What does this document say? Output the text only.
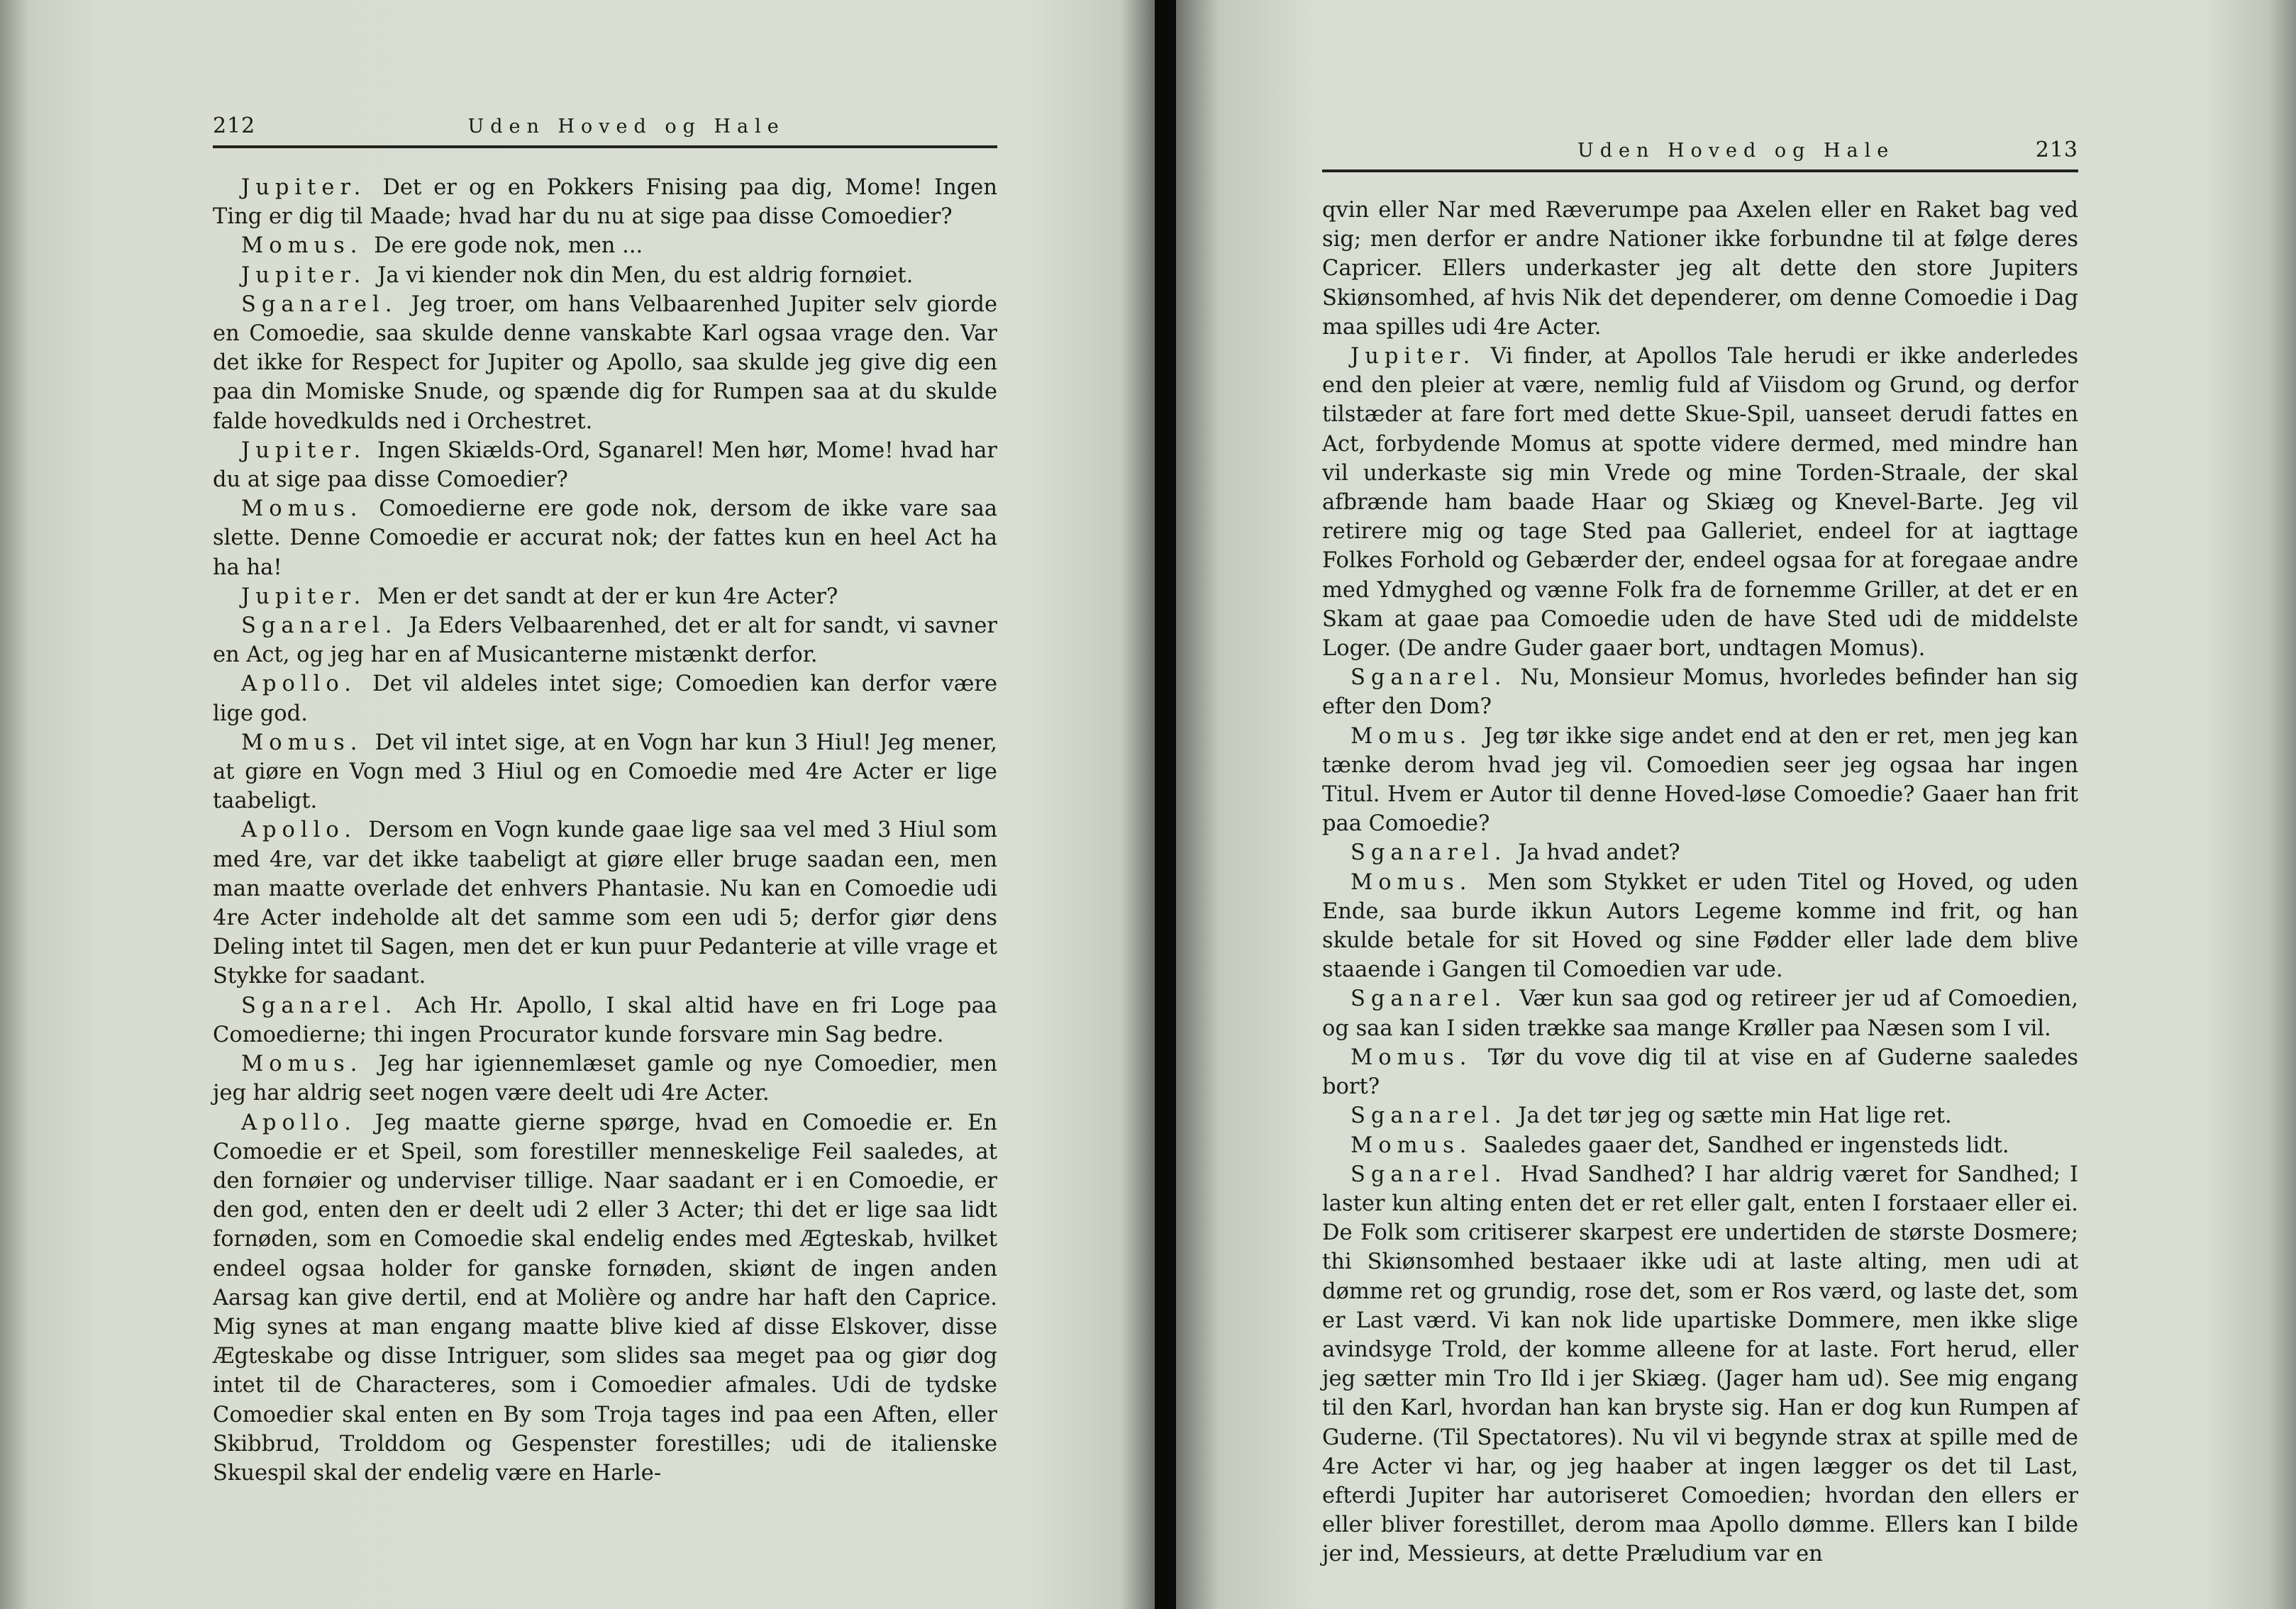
212	Uden Hoved og Hale

Jupiter. Det er og en Pokkers Fnising paa dig, Mome! Ingen Ting er dig til Maade; hvad har du nu at sige paa disse Comoedier?

Momus. De ere gode nok, men ...

Jupiter. Ja vi kiender nok din Men, du est aldrig fornøiet.

Sganarel. Jeg troer, om hans Velbaarenhed Jupiter selv giorde en Comoedie, saa skulde denne vanskabte Karl ogsaa vrage den. Var det ikke for Respect for Jupiter og Apollo, saa skulde jeg give dig een paa din Momiske Snude, og spænde dig for Rumpen saa at du skulde falde hovedkulds ned i Orchestret.

Jupiter. Ingen Skiælds-Ord, Sganarel! Men hør, Mome! hvad har du at sige paa disse Comoedier?

Momus. Comoedierne ere gode nok, dersom de ikke vare saa slette. Denne Comoedie er accurat nok; der fattes kun en heel Act ha ha ha!

Jupiter. Men er det sandt at der er kun 4re Acter?

Sganarel. Ja Eders Velbaarenhed, det er alt for sandt, vi savner en Act, og jeg har en af Musicanterne mistænkt derfor.

Apollo. Det vil aldeles intet sige; Comoedien kan derfor være lige god.

Momus. Det vil intet sige, at en Vogn har kun 3 Hiul! Jeg mener, at giøre en Vogn med 3 Hiul og en Comoedie med 4re Acter er lige taabeligt.

Apollo. Dersom en Vogn kunde gaae lige saa vel med 3 Hiul som med 4re, var det ikke taabeligt at giøre eller bruge saadan een, men man maatte overlade det enhvers Phantasie. Nu kan en Comoedie udi 4re Acter indeholde alt det samme som een udi 5; derfor giør dens Deling intet til Sagen, men det er kun puur Pedanterie at ville vrage et Stykke for saadant.

Sganarel. Ach Hr. Apollo, I skal altid have en fri Loge paa Comoedierne; thi ingen Procurator kunde forsvare min Sag bedre.

Momus. Jeg har igiennemlæset gamle og nye Comoedier, men jeg har aldrig seet nogen være deelt udi 4re Acter.

Apollo. Jeg maatte gierne spørge, hvad en Comoedie er. En Comoedie er et Speil, som forestiller menneskelige Feil saaledes, at den fornøier og underviser tillige. Naar saadant er i en Comoedie, er den god, enten den er deelt udi 2 eller 3 Acter; thi det er lige saa lidt fornøden, som en Comoedie skal endelig endes med Ægteskab, hvilket endeel ogsaa holder for ganske fornøden, skiønt de ingen anden Aarsag kan give dertil, end at Molière og andre har haft den Caprice. Mig synes at man engang maatte blive kied af disse Elskover, disse Ægteskabe og disse Intriguer, som slides saa meget paa og giør dog intet til de Characteres, som i Comoedier afmales. Udi de tydske Comoedier skal enten en By som Troja tages ind paa een Aften, eller Skibbrud, Trolddom og Gespenster forestilles; udi de italienske Skuespil skal der endelig være en Harle-

Uden Hoved og Hale	213

qvin eller Nar med Ræverumpe paa Axelen eller en Raket bag ved sig; men derfor er andre Nationer ikke forbundne til at følge deres Capricer. Ellers underkaster jeg alt dette den store Jupiters Skiønsomhed, af hvis Nik det dependerer, om denne Comoedie i Dag maa spilles udi 4re Acter.

Jupiter. Vi finder, at Apollos Tale herudi er ikke anderledes end den pleier at være, nemlig fuld af Viisdom og Grund, og derfor tilstæder at fare fort med dette Skue-Spil, uanseet derudi fattes en Act, forbydende Momus at spotte videre dermed, med mindre han vil underkaste sig min Vrede og mine Torden-Straale, der skal afbrænde ham baade Haar og Skiæg og Knevel-Barte. Jeg vil retirere mig og tage Sted paa Galleriet, endeel for at iagttage Folkes Forhold og Gebærder der, endeel ogsaa for at foregaae andre med Ydmyghed og vænne Folk fra de fornemme Griller, at det er en Skam at gaae paa Comoedie uden de have Sted udi de middelste Loger. (De andre Guder gaaer bort, undtagen Momus).

Sganarel. Nu, Monsieur Momus, hvorledes befinder han sig efter den Dom?

Momus. Jeg tør ikke sige andet end at den er ret, men jeg kan tænke derom hvad jeg vil. Comoedien seer jeg ogsaa har ingen Titul. Hvem er Autor til denne Hoved-løse Comoedie? Gaaer han frit paa Comoedie?

Sganarel. Ja hvad andet?

Momus. Men som Stykket er uden Titel og Hoved, og uden Ende, saa burde ikkun Autors Legeme komme ind frit, og han skulde betale for sit Hoved og sine Fødder eller lade dem blive staaende i Gangen til Comoedien var ude.

Sganarel. Vær kun saa god og retireer jer ud af Comoedien, og saa kan I siden trække saa mange Krøller paa Næsen som I vil.

Momus. Tør du vove dig til at vise en af Guderne saaledes bort?

Sganarel. Ja det tør jeg og sætte min Hat lige ret.

Momus. Saaledes gaaer det, Sandhed er ingensteds lidt.

Sganarel. Hvad Sandhed? I har aldrig været for Sandhed; I laster kun alting enten det er ret eller galt, enten I forstaaer eller ei. De Folk som critiserer skarpest ere undertiden de største Dosmere; thi Skiønsomhed bestaaer ikke udi at laste alting, men udi at dømme ret og grundig, rose det, som er Ros værd, og laste det, som er Last værd. Vi kan nok lide upartiske Dommere, men ikke slige avindsyge Trold, der komme alleene for at laste. Fort herud, eller jeg sætter min Tro Ild i jer Skiæg. (Jager ham ud). See mig engang til den Karl, hvordan han kan bryste sig. Han er dog kun Rumpen af Guderne. (Til Spectatores). Nu vil vi begynde strax at spille med de 4re Acter vi har, og jeg haaber at ingen lægger os det til Last, efterdi Jupiter har autoriseret Comoedien; hvordan den ellers er eller bliver forestillet, derom maa Apollo dømme. Ellers kan I bilde jer ind, Messieurs, at dette Præludium var en
